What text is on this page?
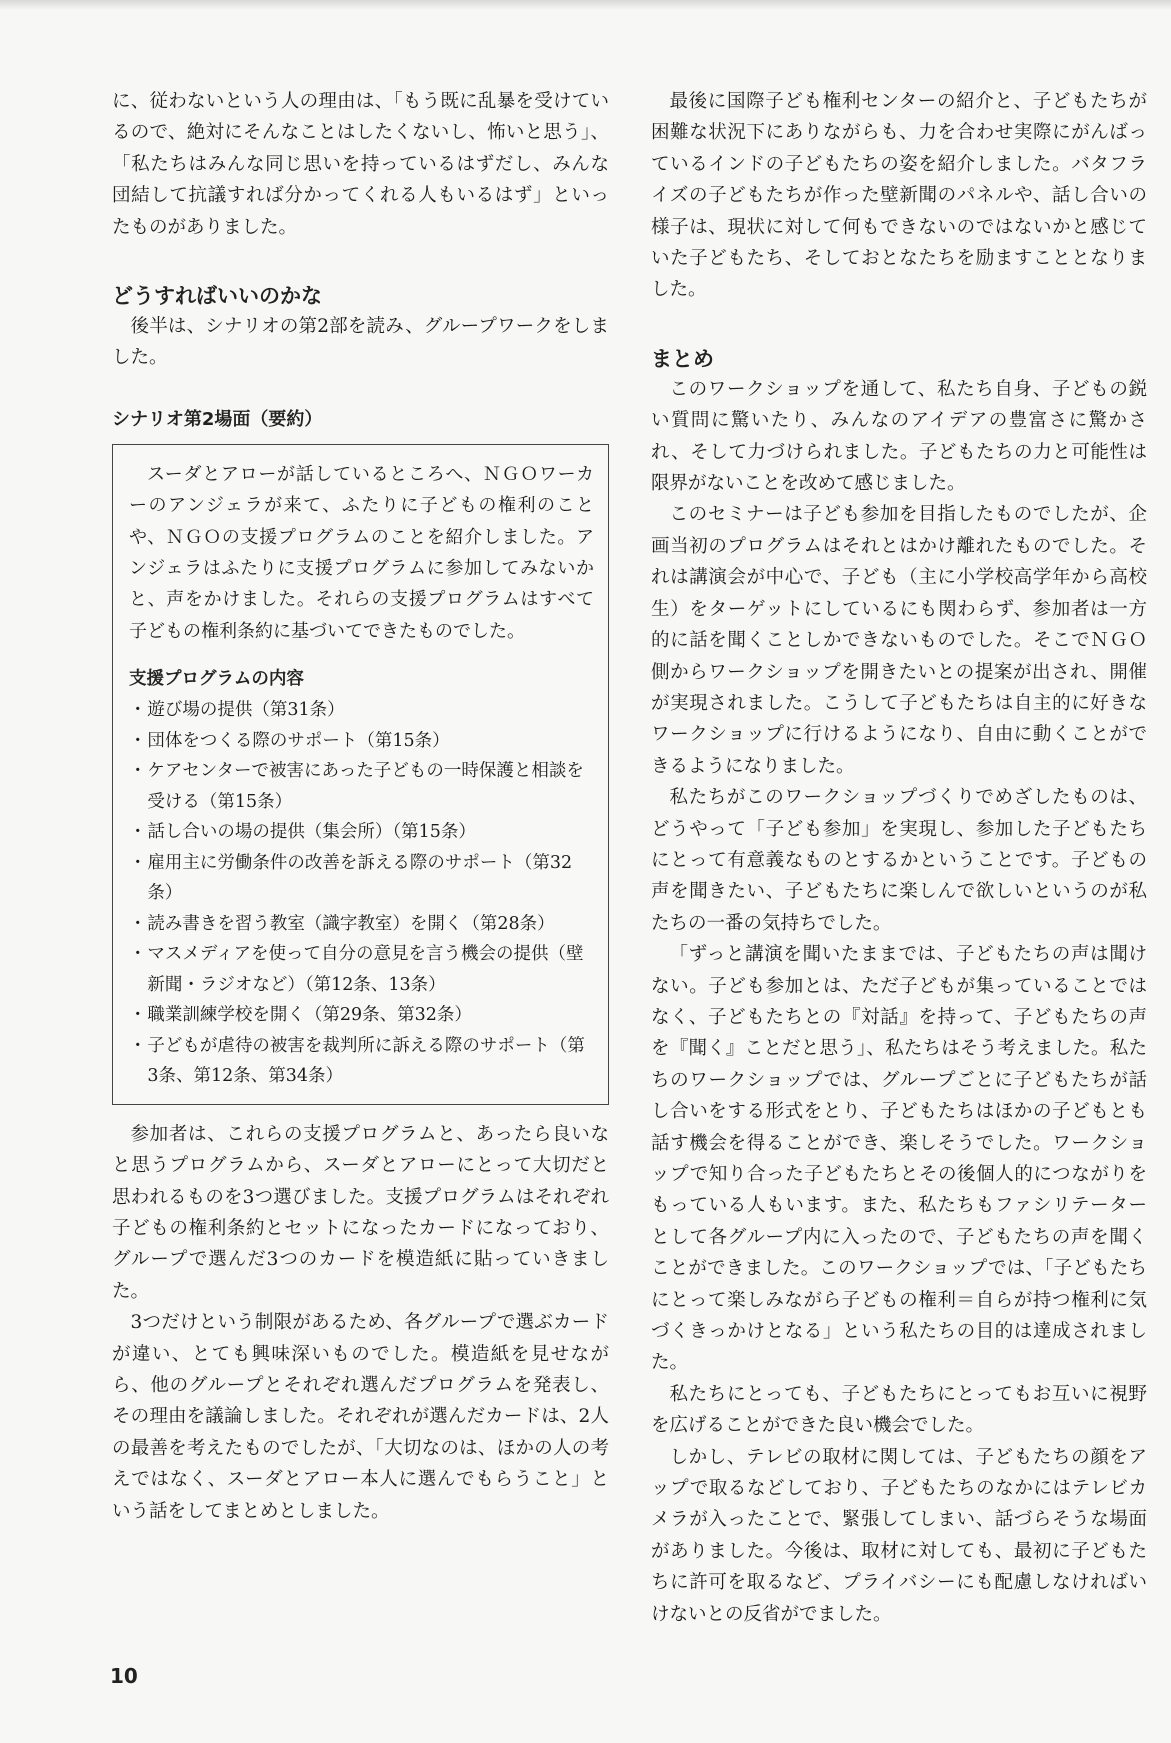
に、従わないという人の理由は、「もう既に乱暴を受けているので、絶対にそんなことはしたくないし、怖いと思う」、「私たちはみんな同じ思いを持っているはずだし、みんな団結して抗議すれば分かってくれる人もいるはず」といったものがありました。

どうすればいいのかな

後半は、シナリオの第2部を読み、グループワークをしました。

シナリオ第2場面（要約）

スーダとアローが話しているところへ、ＮＧＯワーカーのアンジェラが来て、ふたりに子どもの権利のことや、ＮＧＯの支援プログラムのことを紹介しました。アンジェラはふたりに支援プログラムに参加してみないかと、声をかけました。それらの支援プログラムはすべて子どもの権利条約に基づいてできたものでした。

支援プログラムの内容
・遊び場の提供（第31条）
・団体をつくる際のサポート（第15条）
・ケアセンターで被害にあった子どもの一時保護と相談を受ける（第15条）
・話し合いの場の提供（集会所）（第15条）
・雇用主に労働条件の改善を訴える際のサポート（第32条）
・読み書きを習う教室（識字教室）を開く（第28条）
・マスメディアを使って自分の意見を言う機会の提供（壁新聞・ラジオなど）（第12条、13条）
・職業訓練学校を開く（第29条、第32条）
・子どもが虐待の被害を裁判所に訴える際のサポート（第3条、第12条、第34条）

参加者は、これらの支援プログラムと、あったら良いなと思うプログラムから、スーダとアローにとって大切だと思われるものを3つ選びました。支援プログラムはそれぞれ子どもの権利条約とセットになったカードになっており、グループで選んだ3つのカードを模造紙に貼っていきました。

3つだけという制限があるため、各グループで選ぶカードが違い、とても興味深いものでした。模造紙を見せながら、他のグループとそれぞれ選んだプログラムを発表し、その理由を議論しました。それぞれが選んだカードは、2人の最善を考えたものでしたが、「大切なのは、ほかの人の考えではなく、スーダとアロー本人に選んでもらうこと」という話をしてまとめとしました。

最後に国際子ども権利センターの紹介と、子どもたちが困難な状況下にありながらも、力を合わせ実際にがんばっているインドの子どもたちの姿を紹介しました。バタフライズの子どもたちが作った壁新聞のパネルや、話し合いの様子は、現状に対して何もできないのではないかと感じていた子どもたち、そしておとなたちを励ますこととなりました。

まとめ

このワークショップを通して、私たち自身、子どもの鋭い質問に驚いたり、みんなのアイデアの豊富さに驚かされ、そして力づけられました。子どもたちの力と可能性は限界がないことを改めて感じました。

このセミナーは子ども参加を目指したものでしたが、企画当初のプログラムはそれとはかけ離れたものでした。それは講演会が中心で、子ども（主に小学校高学年から高校生）をターゲットにしているにも関わらず、参加者は一方的に話を聞くことしかできないものでした。そこでＮＧＯ側からワークショップを開きたいとの提案が出され、開催が実現されました。こうして子どもたちは自主的に好きなワークショップに行けるようになり、自由に動くことができるようになりました。

私たちがこのワークショップづくりでめざしたものは、どうやって「子ども参加」を実現し、参加した子どもたちにとって有意義なものとするかということです。子どもの声を聞きたい、子どもたちに楽しんで欲しいというのが私たちの一番の気持ちでした。

「ずっと講演を聞いたままでは、子どもたちの声は聞けない。子ども参加とは、ただ子どもが集っていることではなく、子どもたちとの『対話』を持って、子どもたちの声を『聞く』ことだと思う」、私たちはそう考えました。私たちのワークショップでは、グループごとに子どもたちが話し合いをする形式をとり、子どもたちはほかの子どもとも話す機会を得ることができ、楽しそうでした。ワークショップで知り合った子どもたちとその後個人的につながりをもっている人もいます。また、私たちもファシリテーターとして各グループ内に入ったので、子どもたちの声を聞くことができました。このワークショップでは、「子どもたちにとって楽しみながら子どもの権利＝自らが持つ権利に気づくきっかけとなる」という私たちの目的は達成されました。

私たちにとっても、子どもたちにとってもお互いに視野を広げることができた良い機会でした。

しかし、テレビの取材に関しては、子どもたちの顔をアップで取るなどしており、子どもたちのなかにはテレビカメラが入ったことで、緊張してしまい、話づらそうな場面がありました。今後は、取材に対しても、最初に子どもたちに許可を取るなど、プライバシーにも配慮しなければいけないとの反省がでました。

10
